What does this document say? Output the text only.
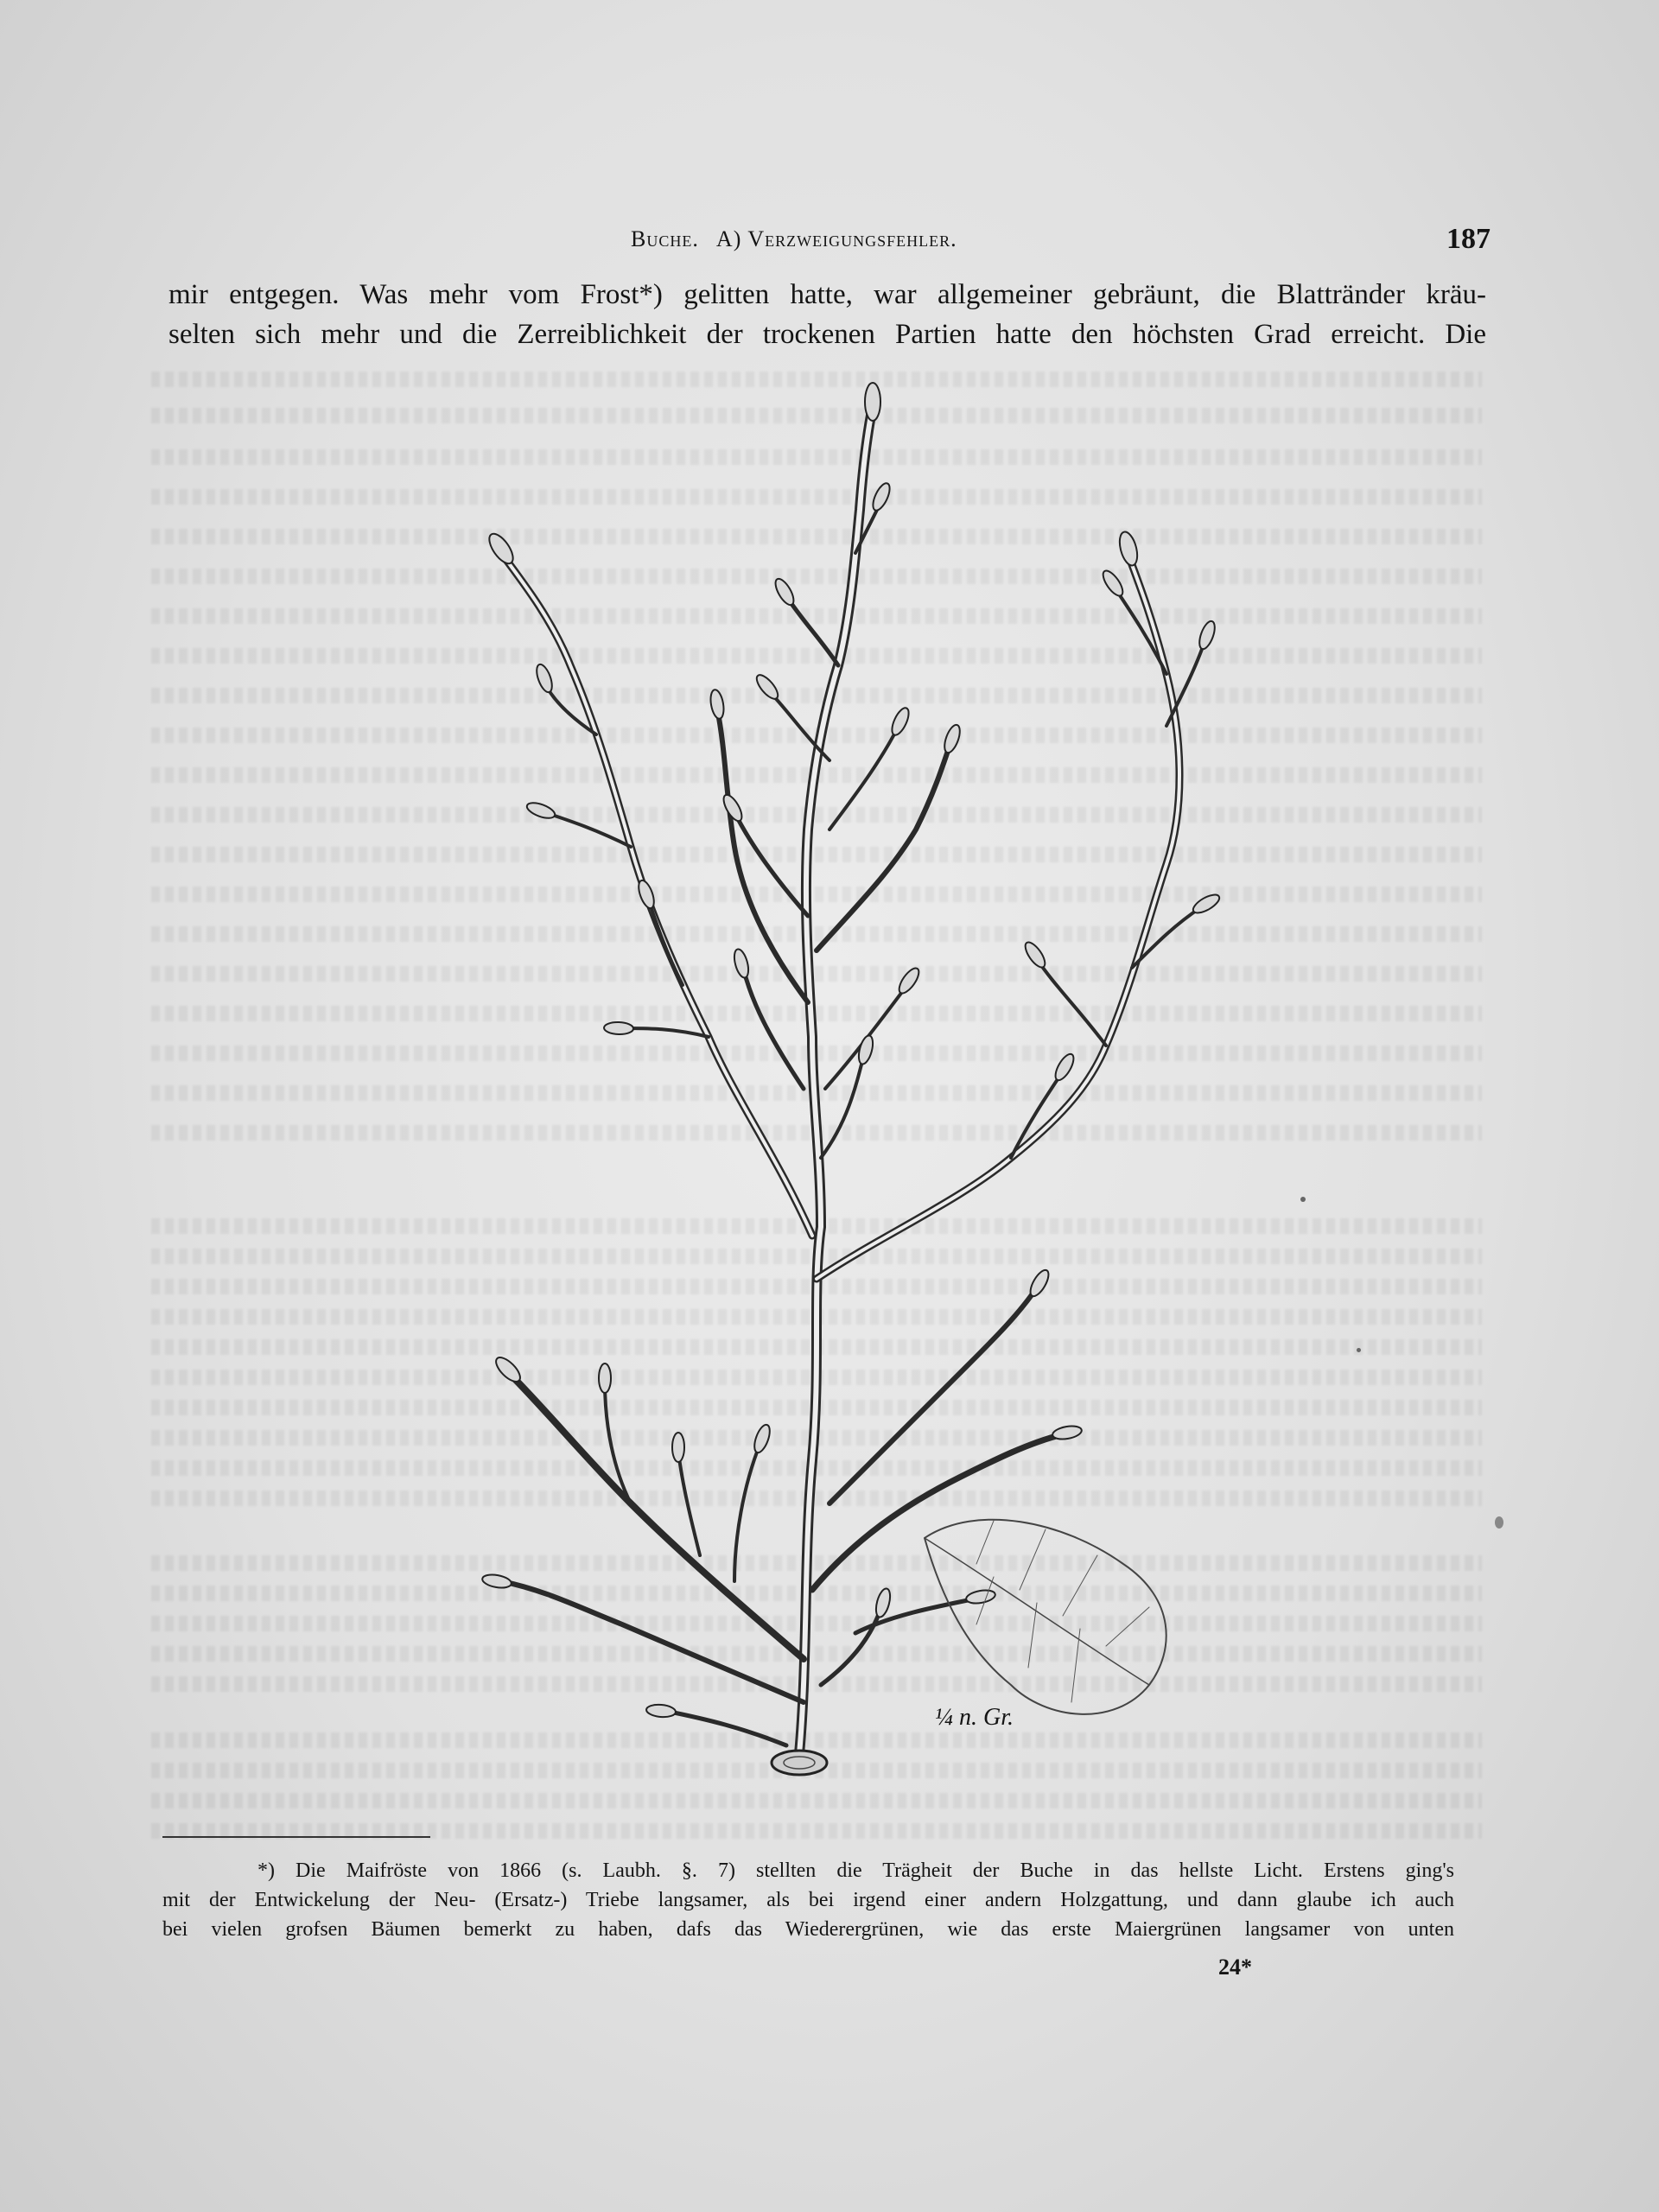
Buche. A) Verzweigungsfehler.	187
mir entgegen. Was mehr vom Frost*) gelitten hatte, war allgemeiner gebräunt, die Blattränder kräu-
selten sich mehr und die Zerreiblichkeit der trockenen Partien hatte den höchsten Grad erreicht. Die
¼ n. Gr.
*) Die Maifröste von 1866 (s. Laubh. §. 7) stellten die Trägheit der Buche in das hellste Licht. Erstens ging's
mit der Entwickelung der Neu- (Ersatz-) Triebe langsamer, als bei irgend einer andern Holzgattung, und dann glaube ich auch
bei vielen grofsen Bäumen bemerkt zu haben, dafs das Wiederergrünen, wie das erste Maiergrünen langsamer von unten
24*
